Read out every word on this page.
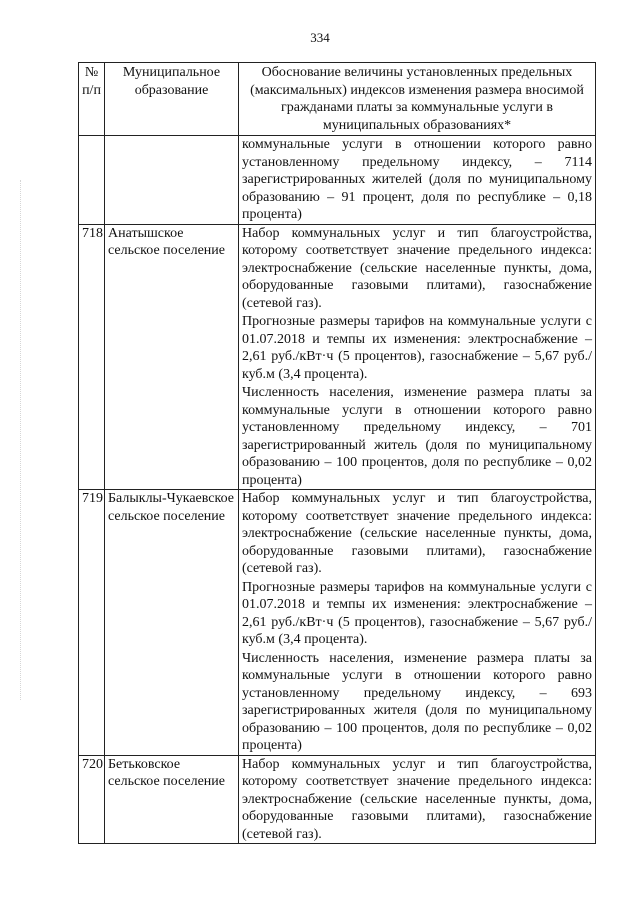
334
№ п/п	Муниципальное образование	Обоснование величины установленных предельных (максимальных) индексов изменения размера вносимой гражданами платы за коммунальные услуги в муниципальных образованиях*

		коммунальные услуги в отношении которого равно установленному предельному индексу, – 7114 зарегистрированных жителей (доля по муниципальному образованию – 91 процент, доля по республике – 0,18 процента)

718	Анатышское сельское поселение	Набор коммунальных услуг и тип благоустройства, которому соответствует значение предельного индекса: электроснабжение (сельские населенные пункты, дома, оборудованные газовыми плитами), газоснабжение (сетевой газ).

Прогнозные размеры тарифов на коммунальные услуги с 01.07.2018 и темпы их изменения: электроснабжение – 2,61 руб./кВт·ч (5 процентов), газоснабжение – 5,67 руб./куб.м (3,4 процента).

Численность населения, изменение размера платы за коммунальные услуги в отношении которого равно установленному предельному индексу, – 701 зарегистрированный житель (доля по муниципальному образованию – 100 процентов, доля по республике – 0,02 процента)

719	Балыклы-Чукаевское сельское поселение	Набор коммунальных услуг и тип благоустройства, которому соответствует значение предельного индекса: электроснабжение (сельские населенные пункты, дома, оборудованные газовыми плитами), газоснабжение (сетевой газ).

Прогнозные размеры тарифов на коммунальные услуги с 01.07.2018 и темпы их изменения: электроснабжение – 2,61 руб./кВт·ч (5 процентов), газоснабжение – 5,67 руб./куб.м (3,4 процента).

Численность населения, изменение размера платы за коммунальные услуги в отношении которого равно установленному предельному индексу, – 693 зарегистрированных жителя (доля по муниципальному образованию – 100 процентов, доля по республике – 0,02 процента)

720	Бетьковское сельское поселение	Набор коммунальных услуг и тип благоустройства, которому соответствует значение предельного индекса: электроснабжение (сельские населенные пункты, дома, оборудованные газовыми плитами), газоснабжение (сетевой газ).
